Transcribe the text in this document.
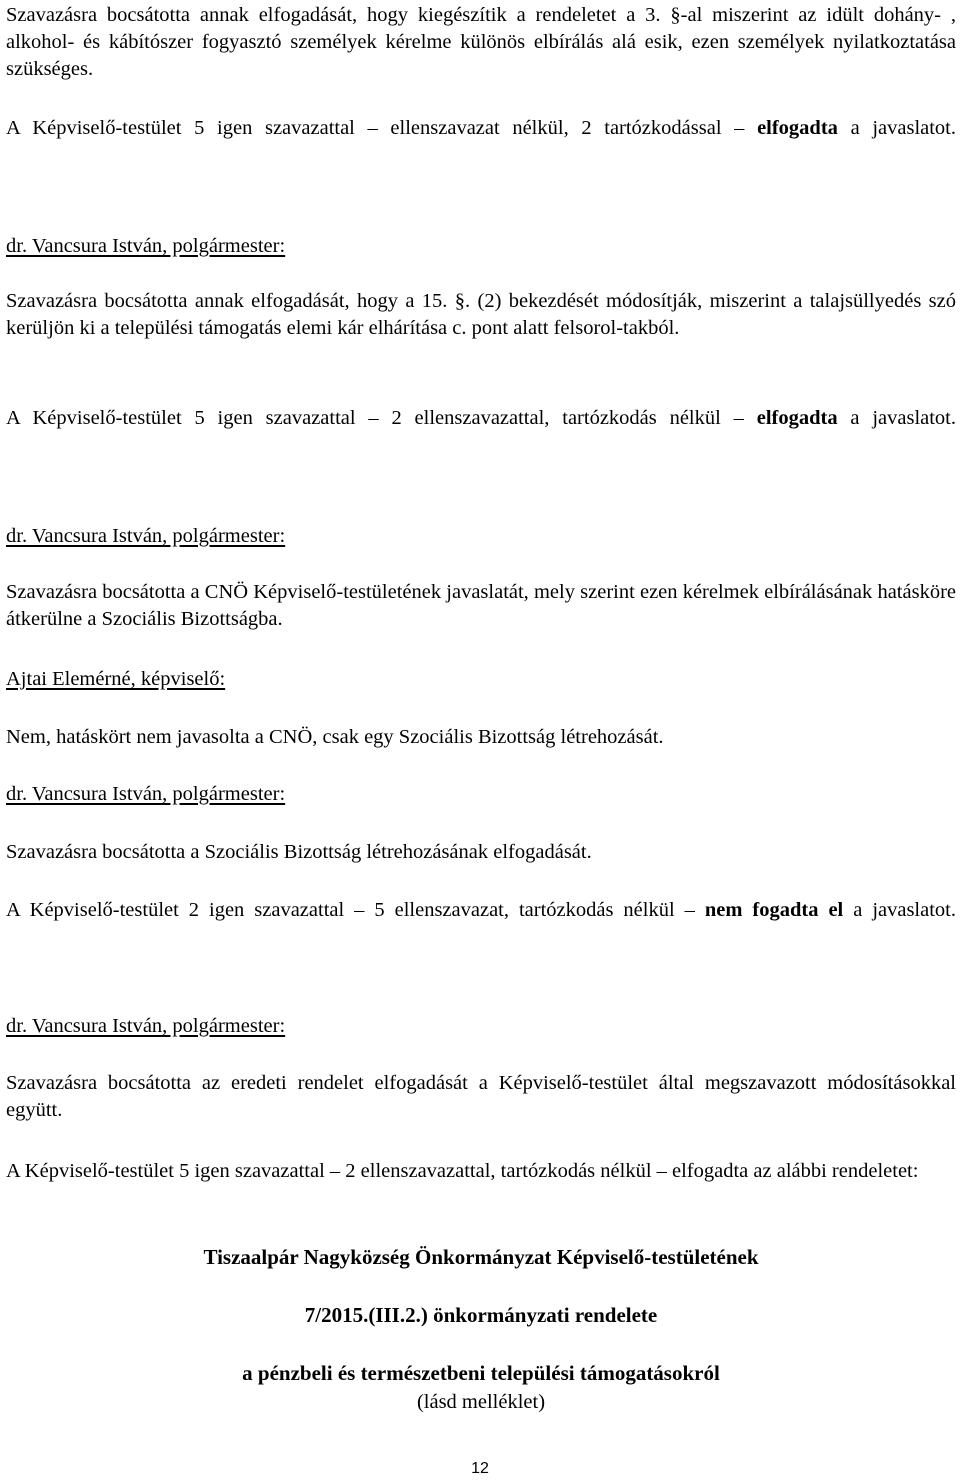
Szavazásra bocsátotta annak elfogadását, hogy kiegészítik a rendeletet a 3. §-al miszerint az idült dohány- , alkohol- és kábítószer fogyasztó személyek kérelme különös elbírálás alá esik, ezen személyek nyilatkoztatása szükséges.

A Képviselő-testület 5 igen szavazattal – ellenszavazat nélkül, 2 tartózkodással – elfogadta a javaslatot.

dr. Vancsura István, polgármester:

Szavazásra bocsátotta annak elfogadását, hogy a 15. §. (2) bekezdését módosítják, miszerint a talajsüllyedés szó kerüljön ki a települési támogatás elemi kár elhárítása c. pont alatt felsorol-takból.

A Képviselő-testület 5 igen szavazattal – 2 ellenszavazattal, tartózkodás nélkül – elfogadta a javaslatot.

dr. Vancsura István, polgármester:

Szavazásra bocsátotta a CNÖ Képviselő-testületének javaslatát, mely szerint ezen kérelmek elbírálásának hatásköre átkerülne a Szociális Bizottságba.

Ajtai Elemérné, képviselő:

Nem, hatáskört nem javasolta a CNÖ, csak egy Szociális Bizottság létrehozását.

dr. Vancsura István, polgármester:

Szavazásra bocsátotta a Szociális Bizottság létrehozásának elfogadását.

A Képviselő-testület 2 igen szavazattal – 5 ellenszavazat, tartózkodás nélkül – nem fogadta el a javaslatot.

dr. Vancsura István, polgármester:

Szavazásra bocsátotta az eredeti rendelet elfogadását a Képviselő-testület által megszavazott módosításokkal együtt.

A Képviselő-testület 5 igen szavazattal – 2 ellenszavazattal, tartózkodás nélkül – elfogadta az alábbi rendeletet:

Tiszaalpár Nagyközség Önkormányzat Képviselő-testületének

7/2015.(III.2.) önkormányzati rendelete

a pénzbeli és természetbeni települési támogatásokról

(lásd melléklet)

12
